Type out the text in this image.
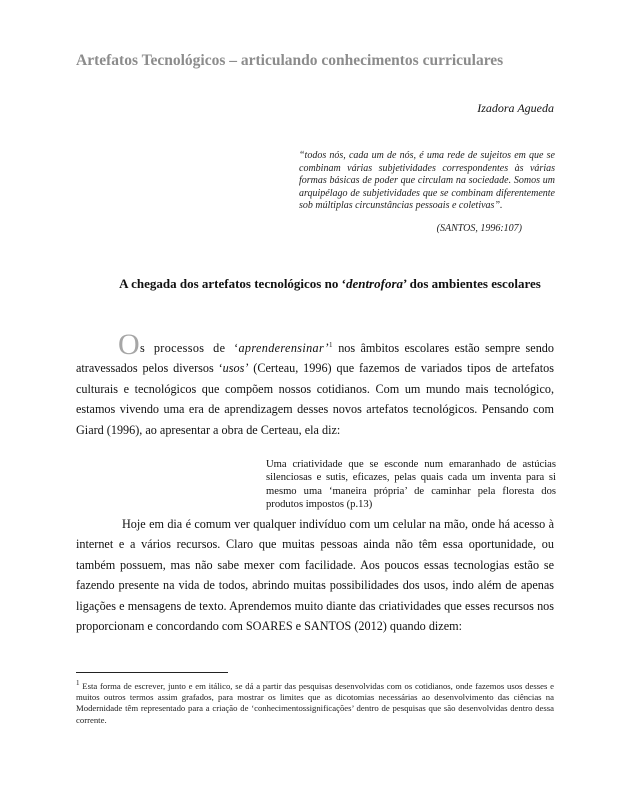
Artefatos Tecnológicos – articulando conhecimentos curriculares
Izadora Agueda
“todos nós, cada um de nós, é uma rede de sujeitos em que se combinam várias subjetividades correspondentes às várias formas básicas de poder que circulam na sociedade. Somos um arquipélago de subjetividades que se combinam diferentemente sob múltiplas circunstâncias pessoais e coletivas”.
(SANTOS, 1996:107)
A chegada dos artefatos tecnológicos no ‘dentrofora’ dos ambientes escolares
Os processos de ‘aprenderensinar’$^1$ nos âmbitos escolares estão sempre sendo atravessados pelos diversos ‘usos’ (Certeau, 1996) que fazemos de variados tipos de artefatos culturais e tecnológicos que compõem nossos cotidianos. Com um mundo mais tecnológico, estamos vivendo uma era de aprendizagem desses novos artefatos tecnológicos. Pensando com Giard (1996), ao apresentar a obra de Certeau, ela diz:
Uma criatividade que se esconde num emaranhado de astúcias silenciosas e sutis, eficazes, pelas quais cada um inventa para si mesmo uma ‘maneira própria’ de caminhar pela floresta dos produtos impostos (p.13)
Hoje em dia é comum ver qualquer indivíduo com um celular na mão, onde há acesso à internet e a vários recursos. Claro que muitas pessoas ainda não têm essa oportunidade, ou também possuem, mas não sabe mexer com facilidade. Aos poucos essas tecnologias estão se fazendo presente na vida de todos, abrindo muitas possibilidades dos usos, indo além de apenas ligações e mensagens de texto. Aprendemos muito diante das criatividades que esses recursos nos proporcionam e concordando com SOARES e SANTOS (2012) quando dizem:
$^1$ Esta forma de escrever, junto e em itálico, se dá a partir das pesquisas desenvolvidas com os cotidianos, onde fazemos usos desses e muitos outros termos assim grafados, para mostrar os limites que as dicotomias necessárias ao desenvolvimento das ciências na Modernidade têm representado para a criação de ‘conhecimentossignificações’ dentro de pesquisas que são desenvolvidas dentro dessa corrente.
